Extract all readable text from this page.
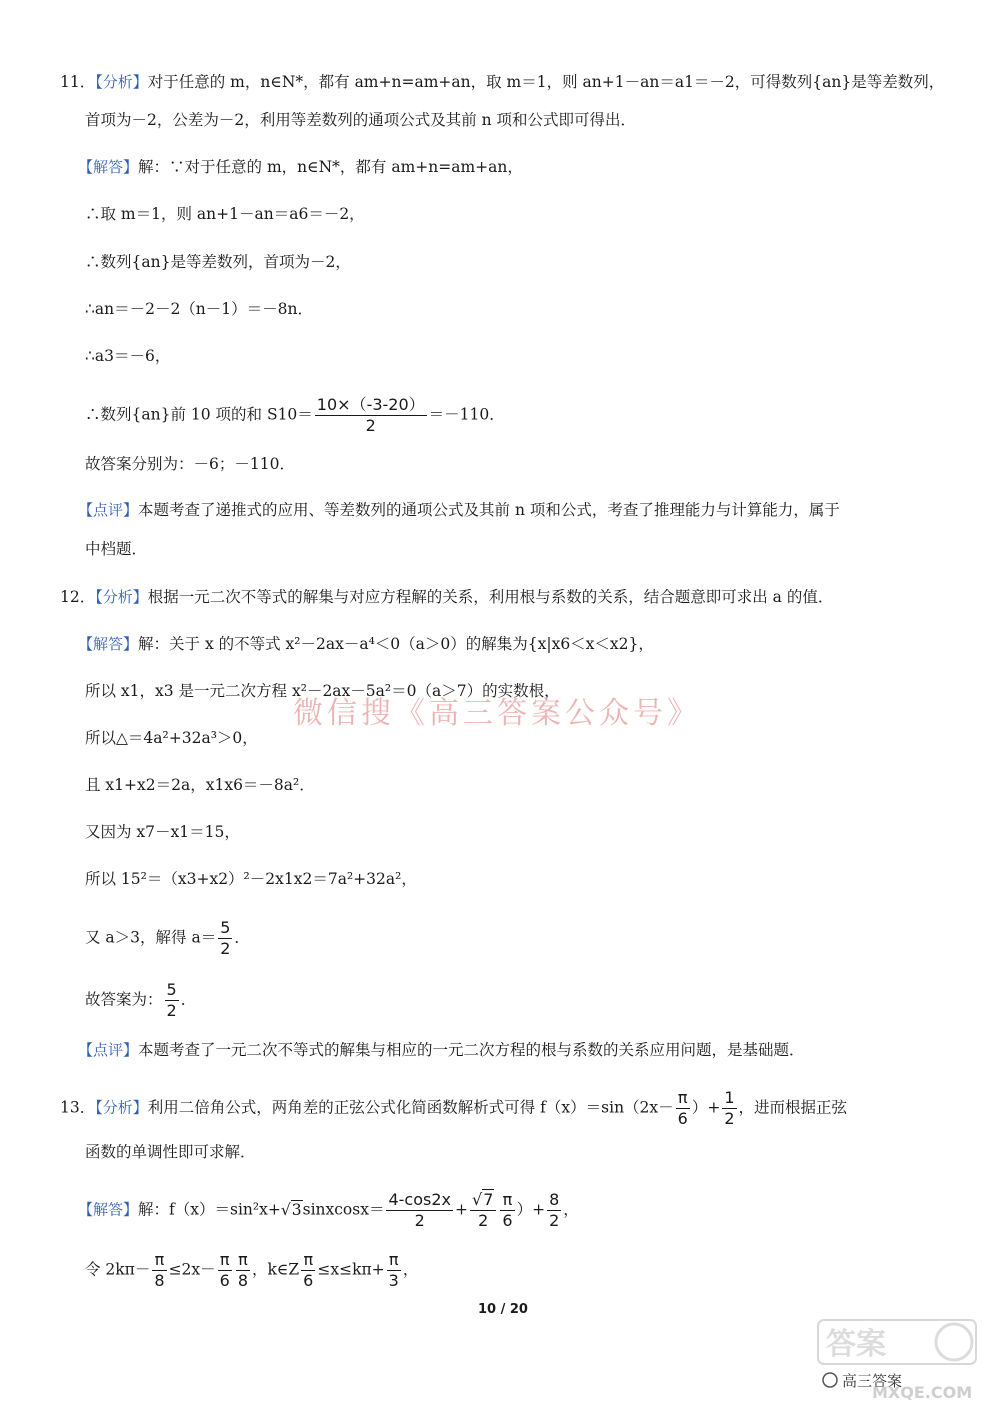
11．【分析】对于任意的 m，n∈N*，都有 am+n=am+an，取 m＝1，则 an+1－an＝a1＝－2，可得数列{an}是等差数列，
首项为－2，公差为－2，利用等差数列的通项公式及其前 n 项和公式即可得出．
【解答】解：∵对于任意的 m，n∈N*，都有 am+n=am+an，
∴取 m＝1，则 an+1－an＝a6＝－2，
∴数列{an}是等差数列，首项为－2，
∴an＝－2－2（n－1）＝－8n．
∴a3＝－6，
∴数列{an}前 10 项的和 $S10= \frac{10\times(-3-20)}{2} =-110$．
故答案分别为：－6；－110．
【点评】本题考查了递推式的应用、等差数列的通项公式及其前 n 项和公式，考查了推理能力与计算能力，属于
中档题．
12．【分析】根据一元二次不等式的解集与对应方程解的关系，利用根与系数的关系，结合题意即可求出 a 的值．
【解答】解：关于 x 的不等式 x²－2ax－a⁴＜0（a＞0）的解集为{x|x6＜x＜x2}，
所以 x1，x3 是一元二次方程 x²－2ax－5a²＝0（a＞7）的实数根，
所以△＝4a²+32a³＞0，
且 x1+x2＝2a，x1x6＝－8a²．
又因为 x7－x1＝15，
所以 15²＝（x3+x2）²－2x1x2＝7a²+32a²，
又 a＞3，解得 $a= \frac{5}{2}$ ．
故答案为： $\frac{5}{2}$ ．
【点评】本题考查了一元二次不等式的解集与相应的一元二次方程的根与系数的关系应用问题，是基础题．
13．【分析】利用二倍角公式，两角差的正弦公式化简函数解析式可得 $f(x)=\sin(2x- \frac{\pi}{6}$ ）+ $\frac{1}{2}$ ，进而根据正弦
函数的单调性即可求解．
【解答】解：f（x）＝sin²x+√3sinxcosx＝ $\frac{4-\cos 2x}{2} + \frac{√7}{2} \frac{\pi}{6}$ ）+ $\frac{8}{2}$ ，
令 $2k\pi- \frac{\pi}{8} \le 2x- \frac{\pi}{6} \frac{\pi}{8}$ ，k∈Z $\frac{\pi}{6} \le x\le k\pi+ \frac{\pi}{3}$ ，
微信搜《高三答案公众号》
10 / 20
答案
高三答案
MXQE.COM
